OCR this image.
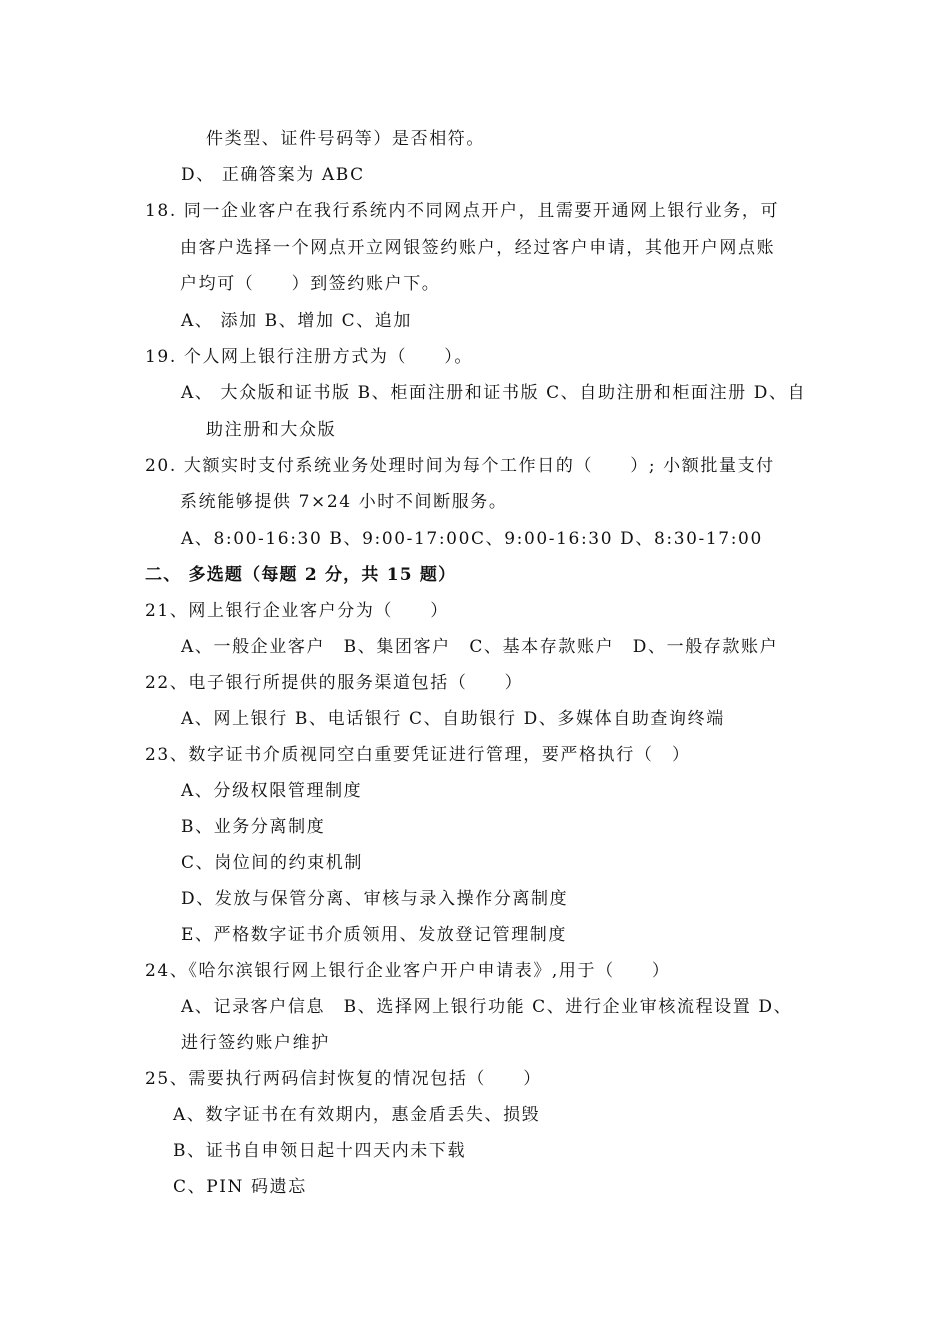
件类型、证件号码等）是否相符。
D、 正确答案为 ABC
18. 同一企业客户在我行系统内不同网点开户，且需要开通网上银行业务，可
由客户选择一个网点开立网银签约账户，经过客户申请，其他开户网点账
户均可（　　）到签约账户下。
A、 添加 B、增加 C、追加
19. 个人网上银行注册方式为（　　）。
A、 大众版和证书版 B、柜面注册和证书版 C、自助注册和柜面注册 D、自
助注册和大众版
20. 大额实时支付系统业务处理时间为每个工作日的（　　）; 小额批量支付
系统能够提供 7×24 小时不间断服务。
A、8:00-16:30 B、9:00-17:00C、9:00-16:30 D、8:30-17:00
二、 多选题（每题 2 分，共 15 题）
21、网上银行企业客户分为（　　）
A、一般企业客户　B、集团客户　C、基本存款账户　D、一般存款账户
22、电子银行所提供的服务渠道包括（　　）
A、网上银行 B、电话银行 C、自助银行 D、多媒体自助查询终端
23、数字证书介质视同空白重要凭证进行管理，要严格执行（　）
A、分级权限管理制度
B、业务分离制度
C、岗位间的约束机制
D、发放与保管分离、审核与录入操作分离制度
E、严格数字证书介质领用、发放登记管理制度
24、《哈尔滨银行网上银行企业客户开户申请表》,用于（　　）
A、记录客户信息　B、选择网上银行功能 C、进行企业审核流程设置 D、
进行签约账户维护
25、需要执行两码信封恢复的情况包括（　　）
A、数字证书在有效期内，惠金盾丢失、损毁
B、证书自申领日起十四天内未下载
C、PIN 码遗忘
